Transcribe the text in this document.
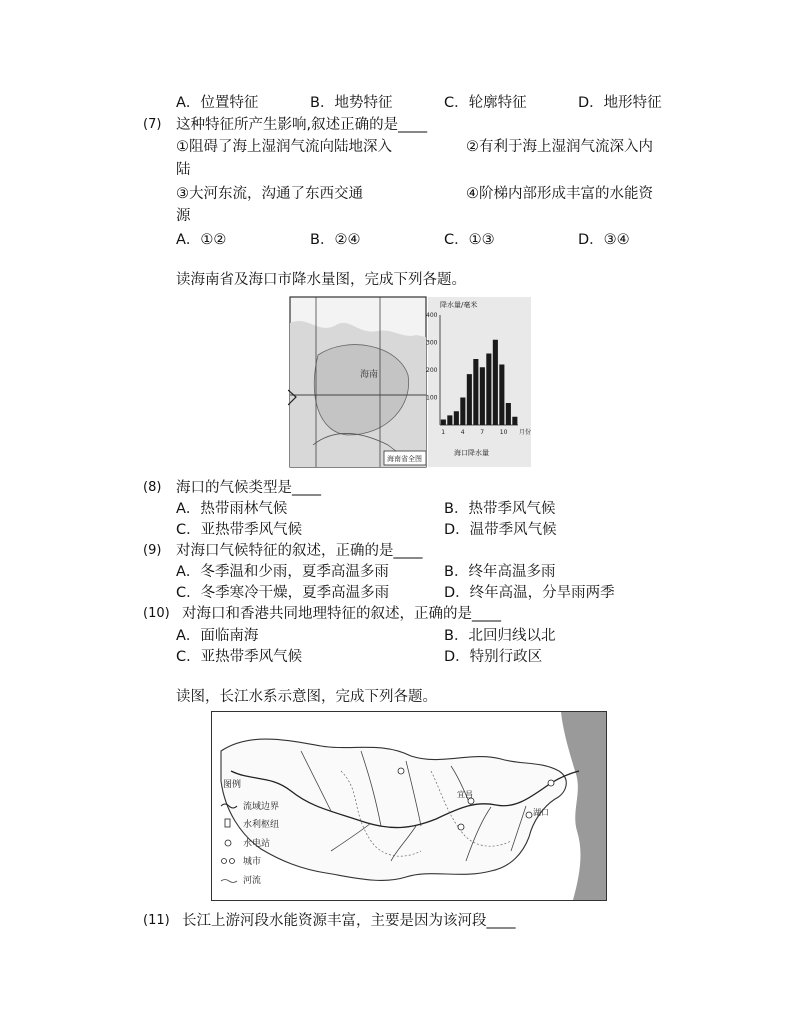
A．位置特征	B．地势特征	C．轮廓特征	D．地形特征
(7) 这种特征所产生影响,叙述正确的是____
①阻碍了海上湿润气流向陆地深入	②有利于海上湿润气流深入内
陆
③大河东流，沟通了东西交通	④阶梯内部形成丰富的水能资
源
A．①②	B．②④	C．①③	D．③④
读海南省及海口市降水量图，完成下列各题。
海南
海南省全图
降水量/毫米
100
200
300
400
1	4	7	10 月份
海口降水量
(8) 海口的气候类型是____
A．热带雨林气候	B．热带季风气候
C．亚热带季风气候	D．温带季风气候
(9) 对海口气候特征的叙述，正确的是____
A．冬季温和少雨，夏季高温多雨	B．终年高温多雨
C．冬季寒冷干燥，夏季高温多雨	D．终年高温，分旱雨两季
(10) 对海口和香港共同地理特征的叙述，正确的是____
A．面临南海	B．北回归线以北
C．亚热带季风气候	D．特别行政区
读图，长江水系示意图，完成下列各题。
宜昌
湖口
图例
流域边界
水利枢纽
水电站
城市
河流
(11) 长江上游河段水能资源丰富，主要是因为该河段____
